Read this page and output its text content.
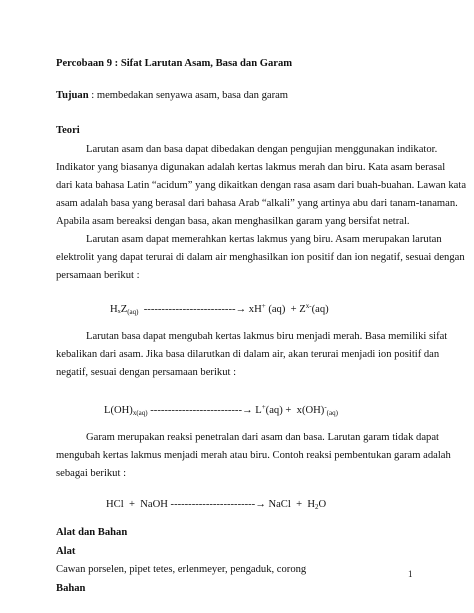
Percobaan 9 : Sifat Larutan Asam, Basa dan Garam
Tujuan : membedakan senyawa asam, basa dan garam
Teori
Larutan asam dan basa dapat dibedakan dengan pengujian menggunakan indikator.
Indikator yang biasanya digunakan adalah kertas lakmus merah dan biru. Kata asam berasal
dari kata bahasa Latin “acidum” yang dikaitkan dengan rasa asam dari buah-buahan. Lawan kata
asam adalah basa yang berasal dari bahasa Arab “alkali” yang artinya abu dari tanam-tanaman.
Apabila asam bereaksi dengan basa, akan menghasilkan garam yang bersifat netral.
Larutan asam dapat memerahkan kertas lakmus yang biru. Asam merupakan larutan
elektrolit yang dapat terurai di dalam air menghasilkan ion positif dan ion negatif, sesuai dengan
persamaan berikut :
HₓZ$_{(aq)}$ --------------------------→ xH+ $(aq) + Z^{x-}(aq)$
Larutan basa dapat mengubah kertas lakmus biru menjadi merah. Basa memiliki sifat
kebalikan dari asam. Jika basa dilarutkan di dalam air, akan terurai menjadi ion positif dan
negatif, sesuai dengan persamaan berikut :
$L(OH)_{x(aq)}$ --------------------------→ $L^+(aq) + x(OH)^-_{(aq)}$
Garam merupakan reaksi penetralan dari asam dan basa. Larutan garam tidak dapat
mengubah kertas lakmus menjadi merah atau biru. Contoh reaksi pembentukan garam adalah
sebagai berikut :
HCl  +  NaOH ------------------------→ NaCl  +  $H_2O$
Alat dan Bahan
Alat
Cawan porselen, pipet tetes, erlenmeyer, pengaduk, corong
Bahan
1
